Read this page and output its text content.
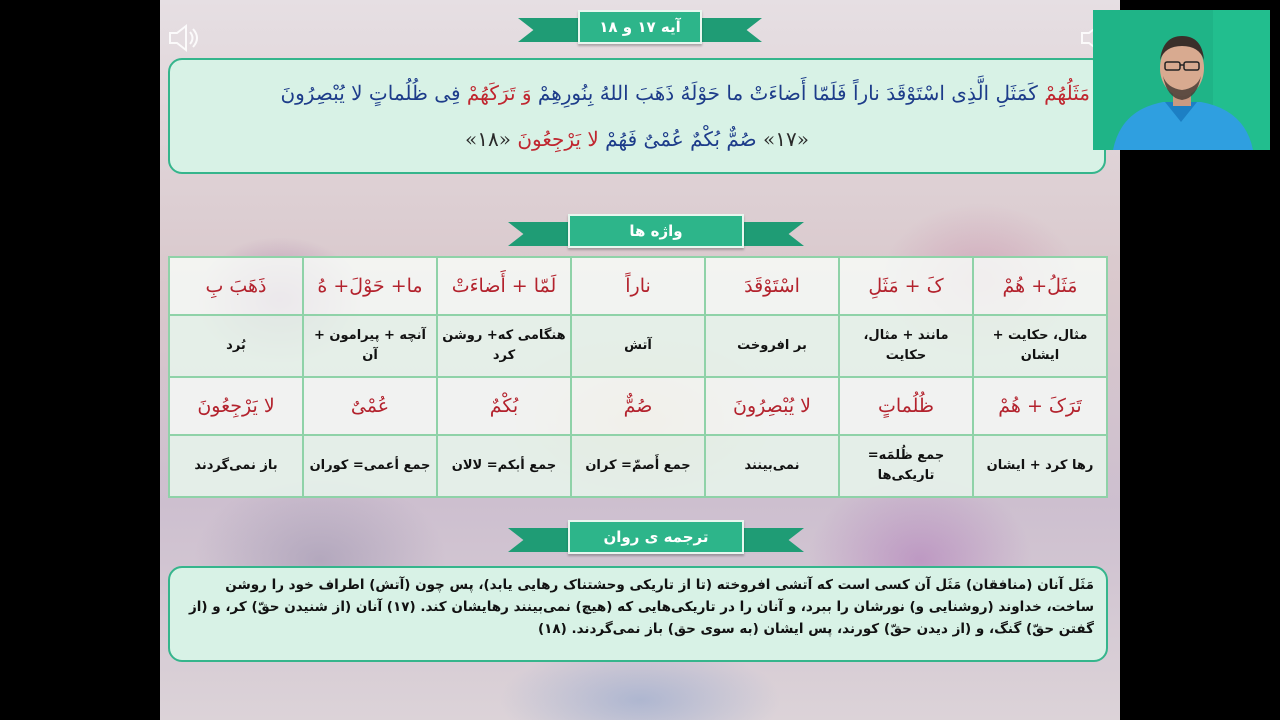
آیه ۱۷ و ۱۸
مَثَلُهُمْ کَمَثَلِ الَّذِی اسْتَوْقَدَ ناراً فَلَمّا أَضاءَتْ ما حَوْلَهُ ذَهَبَ اللهُ بِنُورِهِمْ وَ تَرَکَهُمْ فِی ظُلُماتٍ لا یُبْصِرُونَ
«۱۷» صُمٌّ بُکْمٌ عُمْیٌ فَهُمْ لا یَرْجِعُونَ «۱۸»
واژه ها
مَثَلُ+ هُمْ	کَ + مَثَلِ	اسْتَوْقَدَ	ناراً	لَمّا + أَضاءَتْ	ما+ حَوْلَ+ هُ	ذَهَبَ بِ
مثال، حکایت + ایشان	مانند + مثال، حکایت	بر افروخت	آتش	هنگامی که+ روشن کرد	آنچه + پیرامون + آن	بُرد
تَرَکَ + هُمْ	ظُلُماتٍ	لا یُبْصِرُونَ	صُمٌّ	بُکْمٌ	عُمْیٌ	لا یَرْجِعُونَ
رها کرد + ایشان	جمع ظُلمَه= تاریکی‌ها	نمی‌بینند	جمع أَصمّ= کران	جمع أبکم= لالان	جمع أعمی= کوران	باز نمی‌گردند
ترجمه ی روان
مَثَل آنان (منافقان) مَثَل آن کسی است که آتشی افروخته (تا از تاریکی وحشتناک رهایی یابد)، پس چون (آتش) اطراف خود را روشن ساخت، خداوند (روشنایی و) نورشان را ببرد، و آنان را در تاریکی‌هایی که (هیچ) نمی‌بینند رهایشان کند. (۱۷) آنان (از شنیدن حقّ) کر، و (از گفتن حقّ) گنگ، و (از دیدن حقّ) کورند، پس ایشان (به سوی حق) باز نمی‌گردند. (۱۸)
